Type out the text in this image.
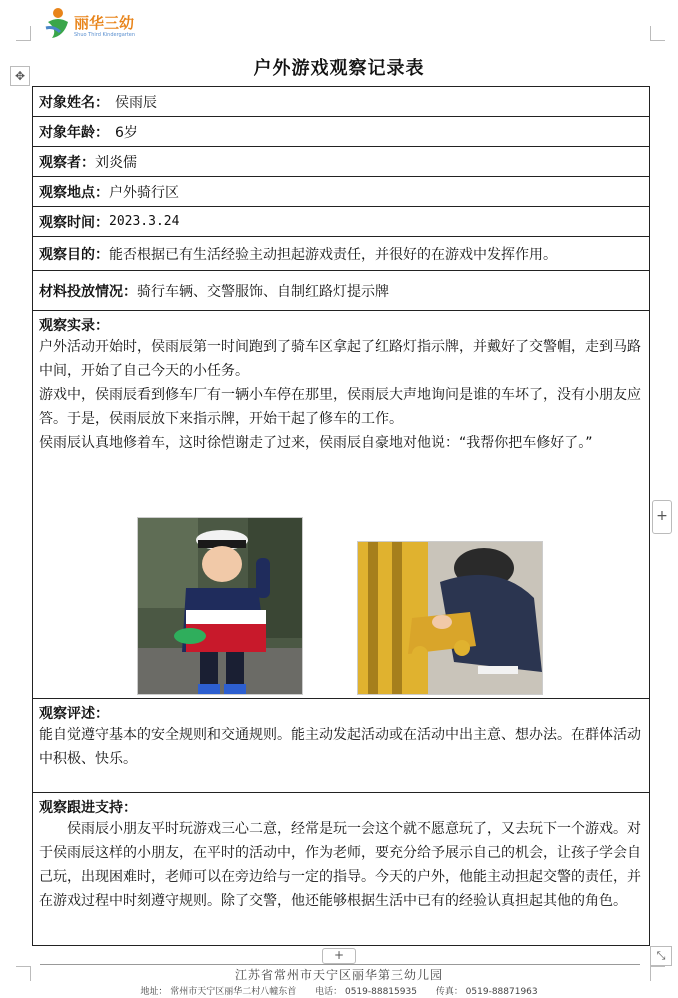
丽华三幼
Shuo Third Kindergarten
✥	户外游戏观察记录表
对象姓名： 侯雨辰
对象年龄： 6岁
观察者： 刘炎儒
观察地点： 户外骑行区
观察时间： 2023.3.24
观察目的： 能否根据已有生活经验主动担起游戏责任，并很好的在游戏中发挥作用。
材料投放情况： 骑行车辆、交警服饰、自制红路灯提示牌
观察实录：
户外活动开始时，侯雨辰第一时间跑到了骑车区拿起了红路灯指示牌，并戴好了交警帽，走到马路中间，开始了自己今天的小任务。
游戏中，侯雨辰看到修车厂有一辆小车停在那里，侯雨辰大声地询问是谁的车坏了，没有小朋友应答。于是，侯雨辰放下来指示牌，开始干起了修车的工作。
侯雨辰认真地修着车，这时徐恺谢走了过来，侯雨辰自豪地对他说：“我帮你把车修好了。”
观察评述：
能自觉遵守基本的安全规则和交通规则。能主动发起活动或在活动中出主意、想办法。在群体活动中积极、快乐。
观察跟进支持：
侯雨辰小朋友平时玩游戏三心二意，经常是玩一会这个就不愿意玩了，又去玩下一个游戏。对于侯雨辰这样的小朋友，在平时的活动中，作为老师，要充分给予展示自己的机会，让孩子学会自己玩，出现困难时，老师可以在旁边给与一定的指导。今天的户外，他能主动担起交警的责任，并在游戏过程中时刻遵守规则。除了交警，他还能够根据生活中已有的经验认真担起其他的角色。
+
+	⤡
江苏省常州市天宁区丽华第三幼儿园
地址： 常州市天宁区丽华二村八幢东首 电话： 0519-88815935 传真： 0519-88871963
